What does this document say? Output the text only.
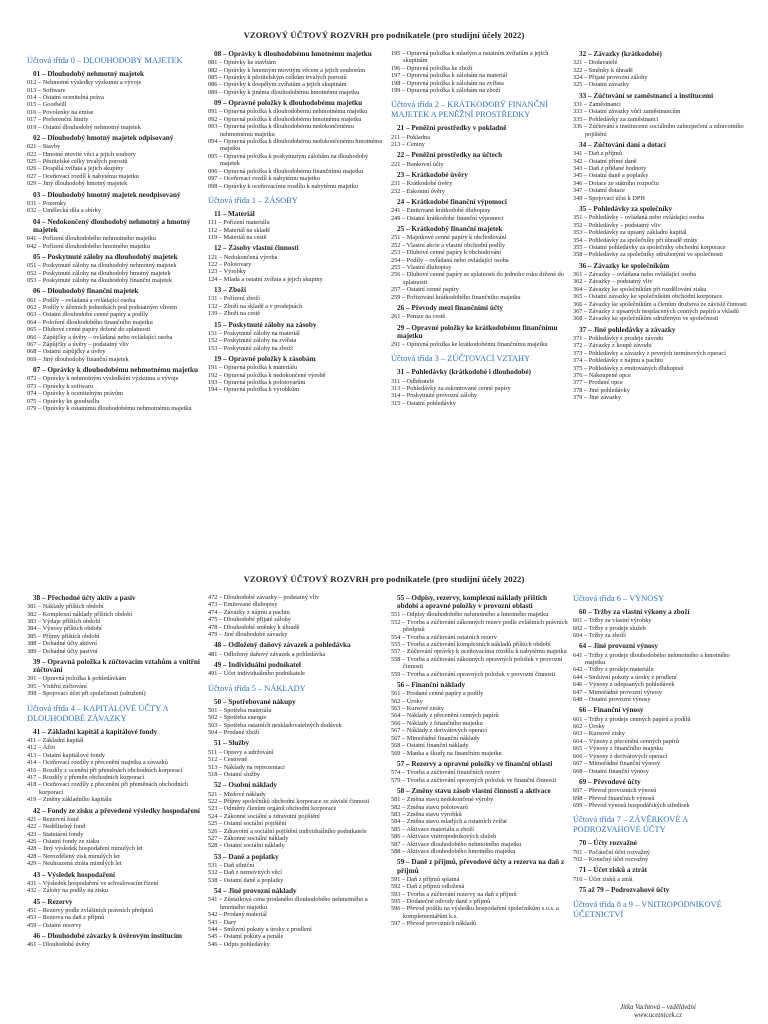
VZOROVÝ ÚČTOVÝ ROZVRH pro podnikatele (pro studijní účely 2022)
Účtová třída 0 – DLOUHODOBÝ MAJETEK
01 – Dlouhodobý nehmotný majetek
012 – Nehmotné výsledky výzkumu a vývoje
013 – Software
014 – Ostatní ocenitelná práva
015 – Goodwill
016 – Povolenky na emise
017 – Preferenční limity
019 – Ostatní dlouhodobý nehmotný majetek
02 – Dlouhodobý hmotný majetek odpisovaný
021 – Stavby
022 – Hmotné movité věci a jejich soubory
025 – Pěstitelské celky trvalých porostů
026 – Dospělá zvířata a jejich skupiny
027 – Oceňovací rozdíl k nabytému majetku
029 – Jiný dlouhodobý hmotný majetek
03 – Dlouhodobý hmotný majetek neodpisovaný
031 – Pozemky
032 – Umělecká díla a sbírky
04 – Nedokončený dlouhodobý nehmotný a hmotný majetek
041 – Pořízení dlouhodobého nehmotného majetku
042 – Pořízení dlouhodobého hmotného majetku
05 – Poskytnuté zálohy na dlouhodobý majetek
051 – Poskytnuté zálohy na dlouhodobý nehmotný majetek
052 – Poskytnuté zálohy na dlouhodobý hmotný majetek
053 – Poskytnuté zálohy na dlouhodobý finanční majetek
06 – Dlouhodobý finanční majetek
061 – Podíly – ovládaná a ovládající osoba
062 – Podíly v účetních jednotkách pod podstatným vlivem
063 – Ostatní dlouhodobé cenné papíry a podíly
064 – Položení dlouhodobého finančního majetku
065 – Dluhové cenné papíry držené do splatnosti
066 – Zápůjčky a úvěry – ovládaná nebo ovládající osoba
067 – Zápůjčky a úvěry – podstatný vliv
068 – Ostatní zápůjčky a úvěry
069 – Jiný dlouhodobý finanční majetek
07 – Oprávky k dlouhodobému nehmotnému majetku
072 – Oprávky k nehmotným výsledkům výzkumu a vývoje
073 – Oprávky k softwaru
074 – Oprávky k ocenitelným právům
075 – Oprávky ke goodwillu
079 – Oprávky k ostatnímu dlouhodobému nehmotnému majetku
08 – Oprávky k dlouhodobému hmotnému majetku
081 – Oprávky ke stavbám
082 – Oprávky k hmotným movitým věcem a jejich souborům
085 – Oprávky k pěstitelským celkům trvalých porostů
086 – Oprávky k dospělým zvířatům a jejich skupinám
089 – Oprávky k jinému dlouhodobému hmotnému majetku
09 – Opravné položky k dlouhodobému majetku
091 – Opravná položka k dlouhodobému nehmotnému majetku
092 – Opravná položka k dlouhodobému hmotnému majetku
093 – Opravná položka k dlouhodobému nedokončenému nehmotnému majetku
094 – Opravná položka k dlouhodobému nedokončenému hmotnému majetku
095 – Opravná položka k poskytnutým zálohám na dlouhodobý majetek
096 – Opravná položka k dlouhodobému finančnímu majetku
097 – Oceňovací rozdíl k nabytému majetku
098 – Oprávky k oceňovacímu rozdílu k nabytému majetku
Účtová třída 1 – ZÁSOBY
11 – Materiál
111 – Pořízení materiálu
112 – Materiál na skladě
119 – Materiál na cestě
12 – Zásoby vlastní činnosti
121 – Nedokončená výroba
122 – Polotovary
123 – Výrobky
124 – Mladá a ostatní zvířata a jejich skupiny
13 – Zboží
131 – Pořízení zboží
132 – Zboží na skladě a v prodejnách
139 – Zboží na cestě
15 – Poskytnuté zálohy na zásoby
151 – Poskytnuté zálohy na materiál
152 – Poskytnuté zálohy na zvířata
153 – Poskytnuté zálohy na zboží
19 – Opravné položky k zásobám
191 – Opravná položka k materiálu
192 – Opravná položka k nedokončené výrobě
193 – Opravná položka k polotovarům
194 – Opravná položka k výrobkům
195 – Opravná položka k mladým a ostatním zvířatům a jejich skupinám
196 – Opravná položka ke zboží
197 – Opravná položka k zálohám na materiál
198 – Opravná položka k zálohám na zvířata
199 – Opravná položka k zálohám na zboží
Účtová třída 2 – KRÁTKODOBÝ FINANČNÍ MAJETEK A PENĚŽNÍ PROSTŘEDKY
21 – Peněžní prostředky v pokladně
211 – Pokladna
213 – Ceniny
22 – Peněžní prostředky na účtech
221 – Bankovní účty
23 – Krátkodobé úvěry
231 – Krátkodobé úvěry
232 – Eskontní úvěry
24 – Krátkodobé finanční výpomoci
241 – Emitované krátkodobé dluhopisy
249 – Ostatní krátkodobé finanční výpomoci
25 – Krátkodobý finanční majetek
251 – Majetkové cenné papíry k obchodování
252 – Vlastní akcie a vlastní obchodní podíly
253 – Dluhové cenné papíry k obchodování
254 – Podíly – ovládaná nebo ovládající osoba
255 – Vlastní dluhopisy
256 – Dluhové cenné papíry se splatností do jednoho roku držené do splatnosti
257 – Ostatní cenné papíry
259 – Pořizování krátkodobého finančního majetku
26 – Převody mezi finančními účty
261 – Peníze na cestě
29 – Opravné položky ke krátkodobému finančnímu majetku
291 – Opravná položka ke krátkodobému finančnímu majetku
Účtová třída 3 – ZÚČTOVACÍ VZTAHY
31 – Pohledávky (krátkodobé i dlouhodobé)
311 – Odběratelé
313 – Pohledávky za eskontované cenné papíry
314 – Poskytnuté provozní zálohy
315 – Ostatní pohledávky
32 – Závazky (krátkodobé)
321 – Dodavatelé
322 – Směnky k úhradě
324 – Přijaté provozní zálohy
325 – Ostatní závazky
33 – Zúčtování se zaměstnanci a institucemi
331 – Zaměstnanci
333 – Ostatní závazky vůči zaměstnancům
335 – Pohledávky za zaměstnanci
336 – Zúčtování s institucemi sociálního zabezpečení a zdravotního pojištění
34 – Zúčtování daní a dotací
341 – Daň z příjmů
342 – Ostatní přímé daně
343 – Daň z přidané hodnoty
345 – Ostatní daně a poplatky
346 – Dotace ze státního rozpočtu
347 – Ostatní dotace
349 – Spojovací účet k DPH
35 – Pohledávky za společníky
351 – Pohledávky – ovládaná nebo ovládající osoba
352 – Pohledávky – podstatný vliv
353 – Pohledávky za upsaný základní kapitál
354 – Pohledávky za společníky při úhradě ztráty
355 – Ostatní pohledávky za společníky obchodní korporace
358 – Pohledávky za společníky sdruženými ve společnosti
36 – Závazky ke společníkům
361 – Závazky – ovládaná nebo ovládající osoba
362 – Závazky – podstatný vliv
364 – Závazky ke společníkům při rozdělování zisku
365 – Ostatní závazky ke společníkům obchodní korporace
366 – Závazky ke společníkům a členům družstva ze závislé činnosti
367 – Závazky z upsaných nesplacených cenných papírů a vkladů
368 – Závazky ke společníkům sdruženým ve společnosti
37 – Jiné pohledávky a závazky
371 – Pohledávky z prodeje závodu
372 – Závazky z koupě závodu
373 – Pohledávky a závazky z pevných termínových operací
374 – Pohledávky z nájmu a pachtu
375 – Pohledávky z emitovaných dluhopisů
376 – Nakoupené opce
377 – Prodané opce
378 – Jiné pohledávky
379 – Jiné závazky
VZOROVÝ ÚČTOVÝ ROZVRH pro podnikatele (pro studijní účely 2022)
38 – Přechodné účty aktiv a pasiv
381 – Náklady příštích období
382 – Komplexní náklady příštích období
383 – Výdaje příštích období
384 – Výnosy příštích období
385 – Příjmy příštích období
388 – Dohadné účty aktivní
389 – Dohadné účty pasivní
39 – Opravná položka k zúčtovacím vztahům a vnitřní zúčtování
391 – Opravná položka k pohledávkám
395 – Vnitřní zúčtování
398 – Spojovací účet při společnosti (sdružení)
Účtová třída 4 – KAPITÁLOVÉ ÚČTY A DLOUHODOBÉ ZÁVAZKY
41 – Základní kapitál a kapitálové fondy
411 – Základní kapitál
412 – Ážio
413 – Ostatní kapitálové fondy
414 – Oceňovací rozdíly z přecenění majetku a závazků
416 – Rozdíly z ocenění při přeměnách obchodních korporací
417 – Rozdíly z přeměn obchodních korporací
418 – Oceňovací rozdíly z přecenění při přeměnách obchodních korporací
419 – Změny základního kapitálu
42 – Fondy ze zisku a převedené výsledky hospodaření
421 – Rezervní fond
422 – Nedělitelný fond
423 – Statutární fondy
426 – Ostatní fondy ze zisku
428 – Jiný výsledek hospodaření minulých let
428 – Nerozdělený zisk minulých let
429 – Neuhrazená ztráta minulých let
43 – Výsledek hospodaření
431 – Výsledek hospodaření ve schvalovacím řízení
432 – Zálohy na podíly na zisku
45 – Rezervy
451 – Rezervy podle zvláštních právních předpisů
453 – Rezerva na daň z příjmů
459 – Ostatní rezervy
46 – Dlouhodobé závazky k úvěrovým institucím
461 – Dlouhodobé úvěry
472 – Dlouhodobé závazky – podstatný vliv
473 – Emitované dluhopisy
474 – Závazky z nájmu a pachtu
475 – Dlouhodobé přijaté zálohy
478 – Dlouhodobé směnky k úhradě
479 – Jiné dlouhodobé závazky
48 – Odložený daňový závazek a pohledávka
481 – Odložený daňový závazek a pohledávka
49 – Individuální podnikatel
491 – Účet individuálního podnikatele
Účtová třída 5 – NÁKLADY
50 – Spotřebované nákupy
501 – Spotřeba materiálu
502 – Spotřeba energie
503 – Spotřeba ostatních neskladovatelných dodávek
504 – Prodané zboží
51 – Služby
511 – Opravy a udržování
512 – Cestovné
513 – Náklady na reprezentaci
518 – Ostatní služby
52 – Osobní náklady
521 – Mzdové náklady
522 – Příjmy společníků obchodní korporace ze závislé činnosti
523 – Odměny členům orgánů obchodní korporace
524 – Zákonné sociální a zdravotní pojištění
525 – Ostatní sociální pojištění
526 – Zdravotní a sociální pojištění individuálního podnikatele
527 – Zákonné sociální náklady
528 – Ostatní sociální náklady
53 – Daně a poplatky
531 – Daň silniční
532 – Daň z nemovitých věcí
538 – Ostatní daně a poplatky
54 – Jiné provozní náklady
541 – Zůstatková cena prodaného dlouhodobého nehmotného a hmotného majetku
542 – Prodaný materiál
543 – Dary
544 – Smluvní pokuty a úroky z prodlení
545 – Ostatní pokuty a penále
546 – Odpis pohledávky
55 – Odpisy, rezervy, komplexní náklady příštích období a opravné položky v provozní oblasti
551 – Odpisy dlouhodobého nehmotného a hmotného majetku
552 – Tvorba a zúčtování zákonných rezerv podle zvláštních právních předpisů
554 – Tvorba a zúčtování ostatních rezerv
555 – Tvorba a zúčtování komplexních nákladů příštích období
557 – Zúčtování oprávky k oceňovacímu rozdílu k nabytému majetku
558 – Tvorba a zúčtování zákonných opravných položek v provozní činnosti
559 – Tvorba a zúčtování opravných položek v provozní činnosti
56 – Finanční náklady
561 – Prodané cenné papíry a podíly
562 – Úroky
563 – Kursové ztráty
564 – Náklady z přecenění cenných papírů
566 – Náklady z finančního majetku
567 – Náklady z derivátových operací
567 – Mimořádné finanční náklady
568 – Ostatní finanční náklady
569 – Manka a škody na finančním majetku
57 – Rezervy a opravné položky ve finanční oblasti
574 – Tvorba a zúčtování finančních rezerv
579 – Tvorba a zúčtování opravných položek ve finanční činnosti
58 – Změny stavu zásob vlastní činnosti a aktivace
581 – Změna stavu nedokončené výroby
582 – Změna stavu polotovarů
583 – Změna stavu výrobků
584 – Změna stavu mladých a ostatních zvířat
585 – Aktivace materiálu a zboží
586 – Aktivace vnitropodnikových služeb
587 – Aktivace dlouhodobého nehmotného majetku
588 – Aktivace dlouhodobého hmotného majetku
59 – Daně z příjmů, převodové účty a rezerva na daň z příjmů
591 – Daň z příjmů splatná
592 – Daň z příjmů odložená
593 – Tvorba a zúčtování rezervy na daň z příjmů
595 – Dodatečné odvody daně z příjmů
596 – Převod podílu na výsledku hospodaření společníkům s.o.s. a komplementářům k.s.
597 – Převod provozních nákladů
Účtová třída 6 – VÝNOSY
60 – Tržby za vlastní výkony a zboží
601 – Tržby za vlastní výrobky
602 – Tržby z prodeje služeb
604 – Tržby za zboží
64 – Jiné provozní výnosy
641 – Tržby z prodeje dlouhodobého nehmotného a hmotného majetku
642 – Tržby z prodeje materiálu
644 – Smluvní pokuty a úroky z prodlení
646 – Výnosy z odepsaných pohledávek
647 – Mimořádné provozní výnosy
648 – Ostatní provozní výnosy
66 – Finanční výnosy
661 – Tržby z prodeje cenných papírů a podílů
662 – Úroky
663 – Kursové zisky
664 – Výnosy z přecenění cenných papírů
665 – Výnosy z finančního majetku
666 – Výnosy z derivátových operací
667 – Mimořádné finanční výnosy
668 – Ostatní finanční výnosy
69 – Převodové účty
697 – Převod provozních výnosů
698 – Převod finančních výnosů
699 – Převod výnosů hospodářských středisek
Účtová třída 7 – ZÁVĚRKOVÉ A PODROZVAHOVÉ ÚČTY
70 – Účty rozvažné
701 – Počáteční účet rozvažný
702 – Konečný účet rozvažný
71 – Účet zisků a ztrát
710 – Účet zisků a ztrát
75 až 79 – Podrozvahové účty
Účtová třída 8 a 9 – VNITROPODNIKOVÉ ÚČETNICTVÍ
Jitka Vachtová – vzdělávání
www.ucetnicek.cz
